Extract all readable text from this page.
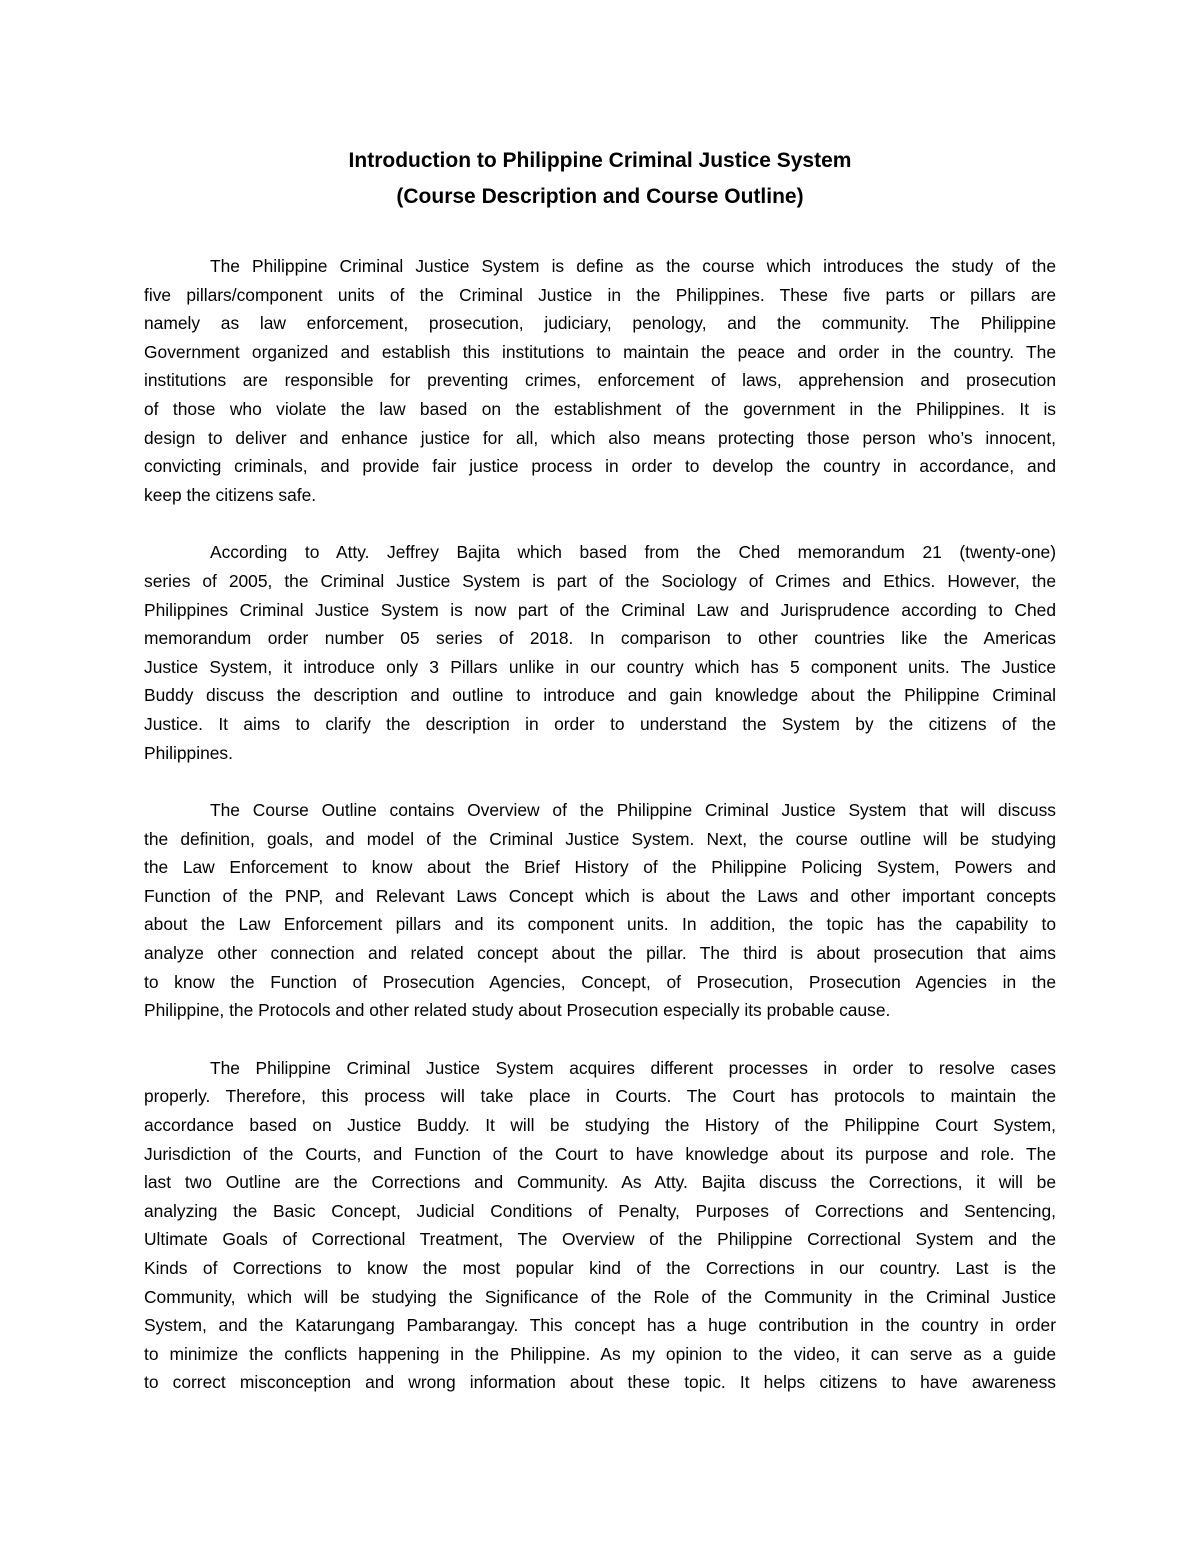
Introduction to Philippine Criminal Justice System
(Course Description and Course Outline)
The Philippine Criminal Justice System is define as the course which introduces the study of the
five pillars/component units of the Criminal Justice in the Philippines. These five parts or pillars are
namely as law enforcement, prosecution, judiciary, penology, and the community. The Philippine
Government organized and establish this institutions to maintain the peace and order in the country. The
institutions are responsible for preventing crimes, enforcement of laws, apprehension and prosecution
of those who violate the law based on the establishment of the government in the Philippines. It is
design to deliver and enhance justice for all, which also means protecting those person who’s innocent,
convicting criminals, and provide fair justice process in order to develop the country in accordance, and
keep the citizens safe.
According to Atty. Jeffrey Bajita which based from the Ched memorandum 21 (twenty-one)
series of 2005, the Criminal Justice System is part of the Sociology of Crimes and Ethics. However, the
Philippines Criminal Justice System is now part of the Criminal Law and Jurisprudence according to Ched
memorandum order number 05 series of 2018. In comparison to other countries like the Americas
Justice System, it introduce only 3 Pillars unlike in our country which has 5 component units. The Justice
Buddy discuss the description and outline to introduce and gain knowledge about the Philippine Criminal
Justice. It aims to clarify the description in order to understand the System by the citizens of the
Philippines.
The Course Outline contains Overview of the Philippine Criminal Justice System that will discuss
the definition, goals, and model of the Criminal Justice System. Next, the course outline will be studying
the Law Enforcement to know about the Brief History of the Philippine Policing System, Powers and
Function of the PNP, and Relevant Laws Concept which is about the Laws and other important concepts
about the Law Enforcement pillars and its component units. In addition, the topic has the capability to
analyze other connection and related concept about the pillar. The third is about prosecution that aims
to know the Function of Prosecution Agencies, Concept, of Prosecution, Prosecution Agencies in the
Philippine, the Protocols and other related study about Prosecution especially its probable cause.
The Philippine Criminal Justice System acquires different processes in order to resolve cases
properly. Therefore, this process will take place in Courts. The Court has protocols to maintain the
accordance based on Justice Buddy. It will be studying the History of the Philippine Court System,
Jurisdiction of the Courts, and Function of the Court to have knowledge about its purpose and role. The
last two Outline are the Corrections and Community. As Atty. Bajita discuss the Corrections, it will be
analyzing the Basic Concept, Judicial Conditions of Penalty, Purposes of Corrections and Sentencing,
Ultimate Goals of Correctional Treatment, The Overview of the Philippine Correctional System and the
Kinds of Corrections to know the most popular kind of the Corrections in our country. Last is the
Community, which will be studying the Significance of the Role of the Community in the Criminal Justice
System, and the Katarungang Pambarangay. This concept has a huge contribution in the country in order
to minimize the conflicts happening in the Philippine. As my opinion to the video, it can serve as a guide
to correct misconception and wrong information about these topic. It helps citizens to have awareness
